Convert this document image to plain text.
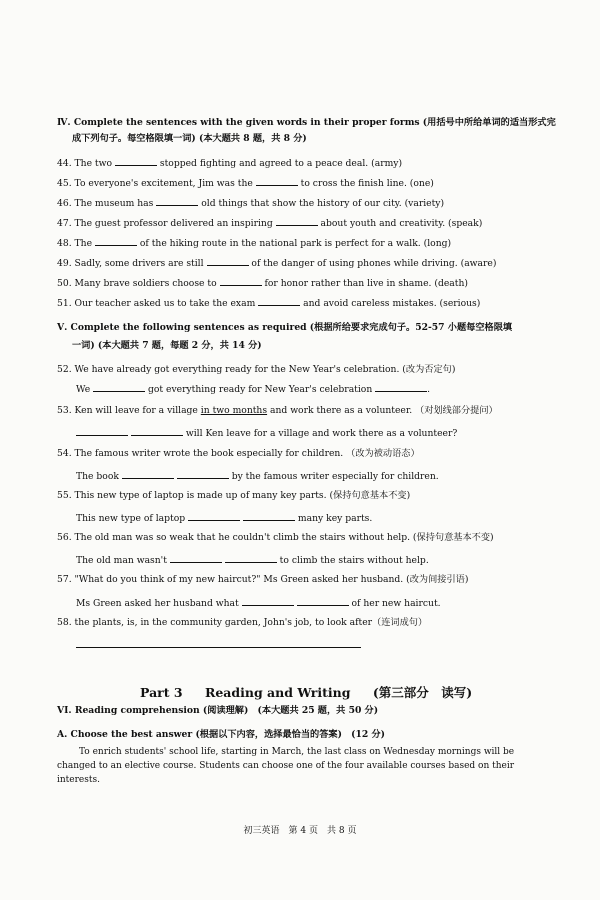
Ⅳ. Complete the sentences with the given words in their proper forms (用括号中所给单词的适当形式完
成下列句子。每空格限填一词) (本大题共 8 题，共 8 分)
44. The two	stopped fighting and agreed to a peace deal. (army)
45. To everyone's excitement, Jim was the	to cross the finish line. (one)
46. The museum has	old things that show the history of our city. (variety)
47. The guest professor delivered an inspiring	about youth and creativity. (speak)
48. The	of the hiking route in the national park is perfect for a walk. (long)
49. Sadly, some drivers are still	of the danger of using phones while driving. (aware)
50. Many brave soldiers choose to	for honor rather than live in shame. (death)
51. Our teacher asked us to take the exam	and avoid careless mistakes. (serious)
Ⅴ. Complete the following sentences as required (根据所给要求完成句子。52-57 小题每空格限填
一词) (本大题共 7 题，每题 2 分，共 14 分)
52. We have already got everything ready for the New Year's celebration. (改为否定句)
We	got everything ready for New Year's celebration	.
53. Ken will leave for a village in two months and work there as a volunteer. （对划线部分提问）
will Ken leave for a village and work there as a volunteer?
54. The famous writer wrote the book especially for children. （改为被动语态）
The book	by the famous writer especially for children.
55. This new type of laptop is made up of many key parts. (保持句意基本不变)
This new type of laptop	many key parts.
56. The old man was so weak that he couldn't climb the stairs without help. (保持句意基本不变)
The old man wasn't	to climb the stairs without help.
57. "What do you think of my new haircut?" Ms Green asked her husband. (改为间接引语)
Ms Green asked her husband what	of her new haircut.
58. the plants, is, in the community garden, John's job, to look after（连词成句）
Part 3 Reading and Writing (第三部分　读写)
VI. Reading comprehension (阅读理解)　(本大题共 25 题，共 50 分)
A. Choose the best answer (根据以下内容，选择最恰当的答案)　(12 分)
To enrich students' school life, starting in March, the last class on Wednesday mornings will be changed to an elective course. Students can choose one of the four available courses based on their interests.
初三英语　第 4 页　共 8 页
